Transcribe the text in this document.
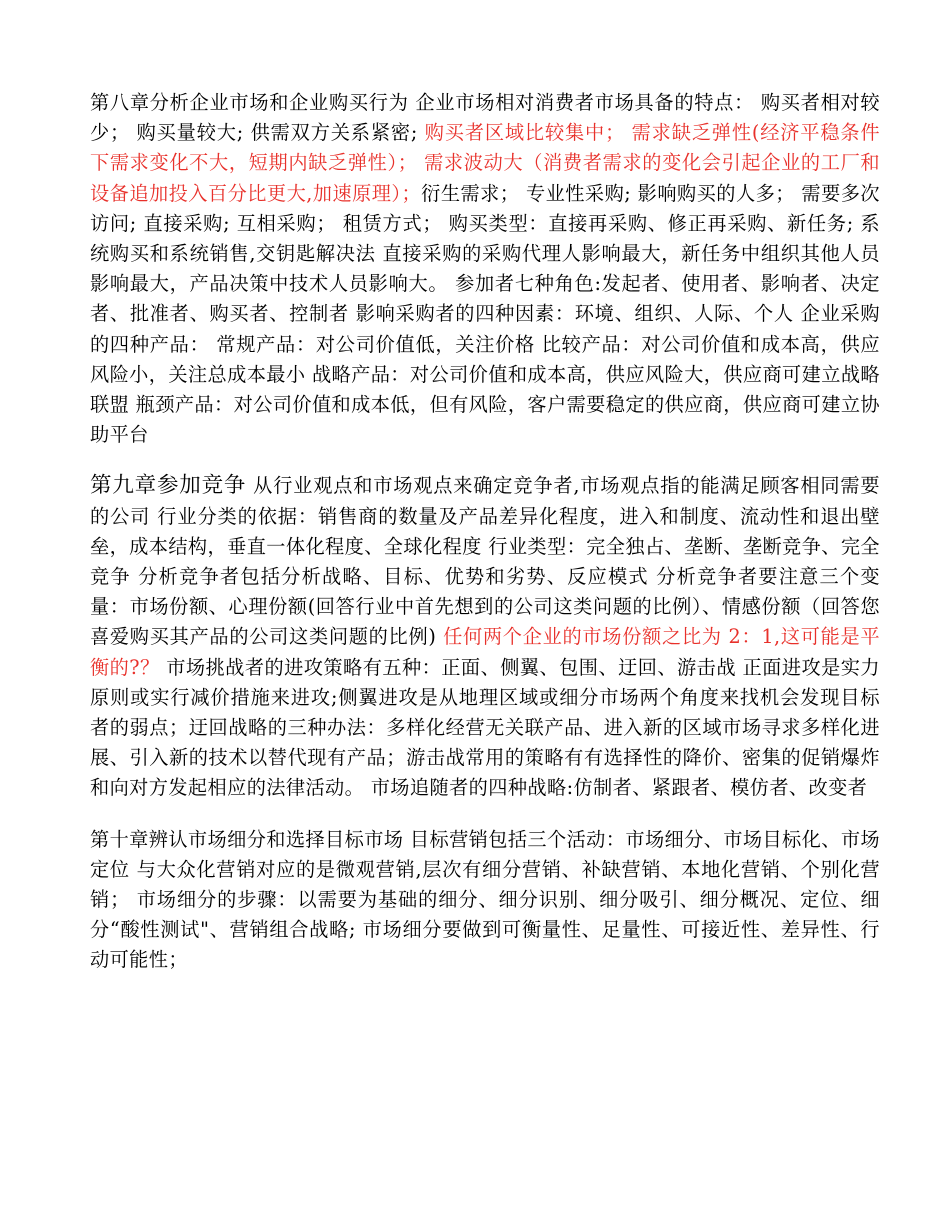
第八章分析企业市场和企业购买行为 企业市场相对消费者市场具备的特点： 购买者相对较少； 购买量较大; 供需双方关系紧密; 购买者区域比较集中； 需求缺乏弹性(经济平稳条件下需求变化不大，短期内缺乏弹性）； 需求波动大（消费者需求的变化会引起企业的工厂和设备追加投入百分比更大,加速原理）；衍生需求； 专业性采购; 影响购买的人多； 需要多次访问; 直接采购; 互相采购； 租赁方式； 购买类型：直接再采购、修正再采购、新任务; 系统购买和系统销售,交钥匙解决法 直接采购的采购代理人影响最大，新任务中组织其他人员影响最大，产品决策中技术人员影响大。 参加者七种角色:发起者、使用者、影响者、决定者、批准者、购买者、控制者 影响采购者的四种因素：环境、组织、人际、个人 企业采购的四种产品： 常规产品：对公司价值低，关注价格 比较产品：对公司价值和成本高，供应风险小，关注总成本最小 战略产品：对公司价值和成本高，供应风险大，供应商可建立战略联盟 瓶颈产品：对公司价值和成本低，但有风险，客户需要稳定的供应商，供应商可建立协助平台

第九章参加竞争 从行业观点和市场观点来确定竞争者,市场观点指的能满足顾客相同需要的公司 行业分类的依据：销售商的数量及产品差异化程度，进入和制度、流动性和退出壁垒，成本结构，垂直一体化程度、全球化程度 行业类型：完全独占、垄断、垄断竞争、完全竞争 分析竞争者包括分析战略、目标、优势和劣势、反应模式 分析竞争者要注意三个变量：市场份额、心理份额(回答行业中首先想到的公司这类问题的比例）、情感份额（回答您喜爱购买其产品的公司这类问题的比例) 任何两个企业的市场份额之比为 2：1,这可能是平衡的?？ 市场挑战者的进攻策略有五种：正面、侧翼、包围、迂回、游击战 正面进攻是实力原则或实行减价措施来进攻;侧翼进攻是从地理区域或细分市场两个角度来找机会发现目标者的弱点；迂回战略的三种办法：多样化经营无关联产品、进入新的区域市场寻求多样化进展、引入新的技术以替代现有产品；游击战常用的策略有有选择性的降价、密集的促销爆炸和向对方发起相应的法律活动。 市场追随者的四种战略:仿制者、紧跟者、模仿者、改变者

第十章辨认市场细分和选择目标市场 目标营销包括三个活动：市场细分、市场目标化、市场定位 与大众化营销对应的是微观营销,层次有细分营销、补缺营销、本地化营销、个别化营销； 市场细分的步骤：以需要为基础的细分、细分识别、细分吸引、细分概况、定位、细分“酸性测试"、营销组合战略; 市场细分要做到可衡量性、足量性、可接近性、差异性、行动可能性；
